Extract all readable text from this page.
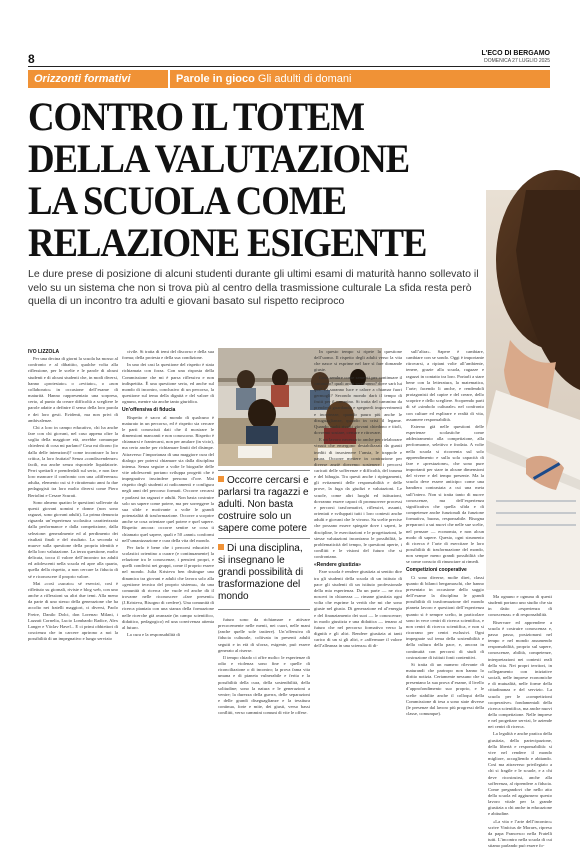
8	L'ECO DI BERGAMO
DOMENICA 27 LUGLIO 2025
Orizzonti formativi	Parole in gioco Gli adulti di domani
CONTRO IL TOTEM
DELLA VALUTAZIONE
LA SCUOLA COME
RELAZIONE ESIGENTE
Le dure prese di posizione di alcuni studenti durante gli ultimi esami di maturità hanno sollevato il velo su un sistema che non si trova più al centro della trasmissione culturale La sfida resta però quella di un incontro tra adulti e giovani basato sul rispetto reciproco
Occorre cercarsi e parlarsi tra ragazzi e adulti. Non basta costruire solo un sapere come potere
Di una disciplina, si insegnano le grandi possibilità di trasformazione del mondo

IVO LIZZOLA

Per una decina di giorni la scuola ha mosso al confronto e al dibattito, qualche volta alla riflessione, per le scelte e le parole di alcuni studenti e di alcuni studenti che, in modi diversi, hanno «protestato» o «evitato», o «non collaborato» in occasione dell’esame di maturità. Hanno rappresentato una sorpresa, certo, al punto da creare difficoltà a scegliere le parole adatte a definire il senso della loro parola e dei loro gesti. Evidenti, ma non privi di ambivalenze.

Chi a loro in campo educativo, chi ha anche fare con chi giovani, nel caso appena oltre la soglia della maggiore età, avrebbe comunque chiedersi di cosa mi parlano? Cosa mi dicono (io dalla delle intenzioni)? come incontrare la loro critica, la loro fruttata? Senza «condiscendenze» facili, ma anche senza rispostele liquidatorie. Perri spettarli e prenderdali sul serio, e non fare loro mancare il confronto con una «differenza» adulta, elemento cui si è ritrattenuto anni fa due pedagogisti tra loro molto diversi come Piero Bertolini e Cesare Scurati.

Sono almeno quattro le questioni sollevate da questi giovani uomini e donne (non sono ragazzi, sono giovani adulti). La prima denuncia riguarda un’esperienza scolastica caratterizzata dalla performance e dalla competizione, dalla selezione: generalmente ed al perdimento dei risultati finali e del risultato. La seconda si muove sulla questione della propria identità e della loro valutazione. La terza questione, molto delicata, tocca il valore dell’incontro tra adulti ed adolescenti nella scuola ed apre alla quarta, quella della rispetto, a non cercare la fiducia di sé e riconoscere il proprio valore.

Mai «così «sucato» sé esercizi, così è riflettuto su giornali, riviste e blog web, con uno anche a riflessioni su altri due temi. Alla meno da parte di uno stesso della generazione che ha accolto nei fratelli maggiori, ci diversi, Paolo Freire, Danilo Dolci, don Lorenzo Milani, i Lazzati Cornelia, Lucio Lombardo Radice, Alex Langer e Václav Havel... E ci primi obbiettori di coscienza che in carcere aprirono a noi la possibilità di un impegnativo e lungo servizio

civile. Si tratta di temi del discorso e della sua forma; della protesta e della sua condizione.

In uno dei casi la questione del rispetto è stata richiamata con forza. Con una risposta della Commissione che mi è parsa riflessiva e non indispettita. È una questione seria, ed anche sul mondo di incontro, conclusivo di un percorso, la questione sul tema della dignità e del valore di ognuno, mentre sia anche tanto giuridica.

Un’offensiva di fiducia

Rispetto è sacro al mondo di qualcuno è maturato in un percorso, ed è rispetto sia cercare le parti conosciuti dati che il mostrare le dimensioni mancanti e non conoscono. Rispetto è chiamarsi e frantecarsi, non per anulare (in vicio), ma certo anche per richiamare limiti del disimpe. Attraverso l’importanza di una maggiore cura del dialogo per potersi chiamare sia dalla disciplina intensa. Senza seguire a volte le biografie delle vite adolescenti portano sviluppa progetti che è impegnativo inscindere persona d’ore. Mai rispetto degli studenti ai radicamenti e configura negli anni del percorso formati. Occorre cercarsi e parlarsi tra ragazzi e adulti. Non basta costruire solo un sapere come potere, ma per sorreggere la sua sfide e motivante a volte le grandi potenzialità di trasformazione. Occorre a scoprire anche se cosa orientare quel potere e quel sapere. Rispetto ancora: occorre sentire se cosa ti chiamato quel sapere, quali e 50 «anni» conformi nell’umanizzazione e cura della vita del mondo.

Per farlo è bene che i percorsi educativi e scolastici orientino a curare (e continuamente) la relazione tra le conoscenze, i pensieri propri, e quelli condivisi nei gruppi, come il proprio essere nel mondo. Julia Kristeva ben distingue una dinamica tra giovani e adulti che lavora solo alla «gestione tecnica del proprio sistema», da una comunità di ricerca che vuole ed anche dà il trovarne nelle riconoscere «fare presenti» (J.Kristeva, Bisogno di credere). Una comunità di ricerca piantata con una stanza della formazione nelle ricerche già avanzate (in campo scientifico, didattico, pedagogico) ed una convivenza attenta al futuro.

La cura e la responsabilità di

futuro sono da richiamare e attivare precocemente nelle menti, nei cuori, nelle mani (anche quelle sole tastiere). Un’offensiva di fiducia culturale, coltivata in presenti adulti seguiti e in età di sforza, esigente, può essere generato al riserse.

Il tempo chiado ci offre molto: le esperienze di odio e violenza sono fine e quelle di riconciliazione o di incontro; la prova fama vita umana e di pianeta vulnerabile e ferita e la possibilità della cura, della sostenibilità, della solitudine; sono la natura e le generazioni a venire; la durezza della guerra, delle separazioni e delle grandi diseguaglianze e la tessitura continua, forte e mite, dei giusti, verso bassi conflitti, verso cammini comuni di vite le offese.

In questo tempo si ripete la questione dell’uomo. Il rispetto degli adulti verso la vita che nasce si esprime nel fare sì fare domande giuste.

Cosa sembre come sementi per continuare il cammino? quali archi serviranno? dove sarà lui qui? Ci saranno luce e calore a chiamar fuori germogli? Secondo mondo darà il tempo di frutti per il cammino. Si tratta del cammino da prendersi guardando e spegnerli impoverimenti e incertezze, quando paura più anche le disuguaglianze, quando in crisi il legame. Quando molti rivolti giovani chiedono e titoli, dovremo sostare, cercare e ritrovare.

E un lavoro necessario anche per rielaborare vissuti che emergono destabilizzati da guasti inediti di insostenere l’ansia, le trappole e paura. Occorre mettere in contrazione per diverse anziè dovremo sostenere i percorsi caricati delle sofferenze e difficoltà, del trauma e del bihugia. Tra questi anche i ripiegamenti, gli evitamenti delle responsabilità e delle prove, la fuga da giudizi e valutazioni. Le scuole, come altri luoghi ed istituzioni, dovranno essere capaci di promuovere processi e percorsi trasformativi, riflessivi, assunti, orientati e sviluppati tutti i loro contesti anche adulti e giovani che le vivono. Su scelte precise che possano essere spiegate dove i saperi, le discipline, le esercitazioni e le progettazioni, le stesse valutazioni incontrano le possibilità, le problematicità del tempo, le questioni aperte, i conflitti e le visioni del futuro che si confrontano.

«Rendere giustizia»

Fare scuola è rendere giustizia ai sentito dire tra gli studenti della scuola di un istituto di pace gli studenti di un istituto professionale della mia esperienza. Da un parte — ne rico nosceri in chiarezza — rimane giustizia ogni volta che esprime la verità che mi che sono giuste nel giusto. Di generazione ed al’energia e del finanziamento dei suoi — le conoscenze; in modo giustizia e una didattica — tenano al futuro che nel percorso formativo verso la dignità e gli altri. Rendere giustizia ai tanti carico di un si gli altri, e «affermare il valore dell’alleanza in una scienza» di di-

sull’altra». Sapere è cambiare, cambiare con se sondo. Oggi è importante ritrovarsi, a ripiani volte all’ambiente, tenere, grazie alla scuola, ragazze e ragazzi in contatto tra loro. Portarli a stare bene con la letteratura, la matematica, l’arte; facendo li anche, e rendendoli protagonisti del capire e del creare, dello scoprire e dello scegliere. Scoprendo parti di sé «simbolo culturale» nel confronto con culture ed esplirare e realtà di vita, assumere responsabilità.

Esterno già nelle questioni delle esperienze scolastiche come addestramento alla competizione, alla performance, selettivo e frodata. A volte nella scuola si ricorrenta sul solo apprendimento e sulla sola capacità di fare e «prestazione», che sono pure importanti per stare in alcune dimensioni del vivere e del tempo presente. Ma la scuola deve essere anticipo: come una bandiera contrastata a cui una meta sull’intero. Non si tratta tanto di nuove conoscenze, ma dell’esperienza significativa che quella sfida e di competenze anche funzionali da funzione formativa, buona, responsabile. Bisogna prepararci a sui nuovi che nelle sue scelte, nel pensare — economia, e non alcun modo di sapere. Questo, ogni strumento di ricerca è l’arte di esercitare le loro possibilità di trasformazione del mondo, non sempre meno grandi possibilità che se come conscio di rinunciare ai rimedi.

Competizioni cooperative

Ci sono diverse, molte direi, classi quanto di bilanci bergamaschi, che hanno presentato in occasione dello saggio dell’esame la disciplina le grandi possibilità di trasformazione del mondo pianeta lavoro e questioni dell’esperienza quanto si è sempre scelto, in particolare sono in vece centri di ricerca scientifica, e non centri di ricerca scientifica, e non si ricorrano per centri esclusivi. Ogni impegnate sul tema della sostenibilità e della cultura della pace, e, ancora in continuità con percorsi di studi di costruzione di istituti fonti contenitivi.

Si tratta di un numero rilevante di maturandi che partropo non hanno lo diritto notizia. Certamente nessuno che si presentano la sua prova d’esame, il livello d’approfondimento suo proprio, e le scelte stabilite anche il colloqui della Commissione di tesa a sono state diverse (le presenze dal lavoro più progressi della classe, comunque).

Ma ognuno e ognuna di questi studenti portano uno studio che sia in datto «esperienza di conoscenza» e di responsabilità.

Riservare ed apprendere a scuola è costruire conoscenza e, passo passo, posizionarsi nel tempo e nel mondo assumendo responsabilità, proprio sul sapere, conoscenze, abilità, competenze, interpretazioni nei contesti reali della vita. Nei propri territori, in collegamento con iniziative sociali, nelle imprese economiche e di mutualità, nelle forme della cittadinanza e del servizio. La scuola per le «competizioni cooperative» fondamentali della ricerca scientifica, ma anche nuovi della competizione. Nelle imprese e nel progettare servizi, le aziende nei centri di ricerca.

La legalità e anche pratica della giustizia, della partecipazione, della libertà e responsabilità: si vive nel rendere il mondo migliore, accogliendo e abitando. Così ma attraverso privilegiato a chi si fragile e le scuole, e a chi deve ricostruirsi, anche alla sofferenza, al riprendere a fiducia. Come pregandovi che nello atto della scuola ed aggiunsero questo lavoro vitale per la grande giustizia a chi anche in educazione e abitudine.

«La vita e l’arte dell’incontro» scrive Vinícius de Moraes, ripreso da papa Francesco nella Fratelli tutti. L’incontro nella scuola di cui stiamo parlando può essere fo-
